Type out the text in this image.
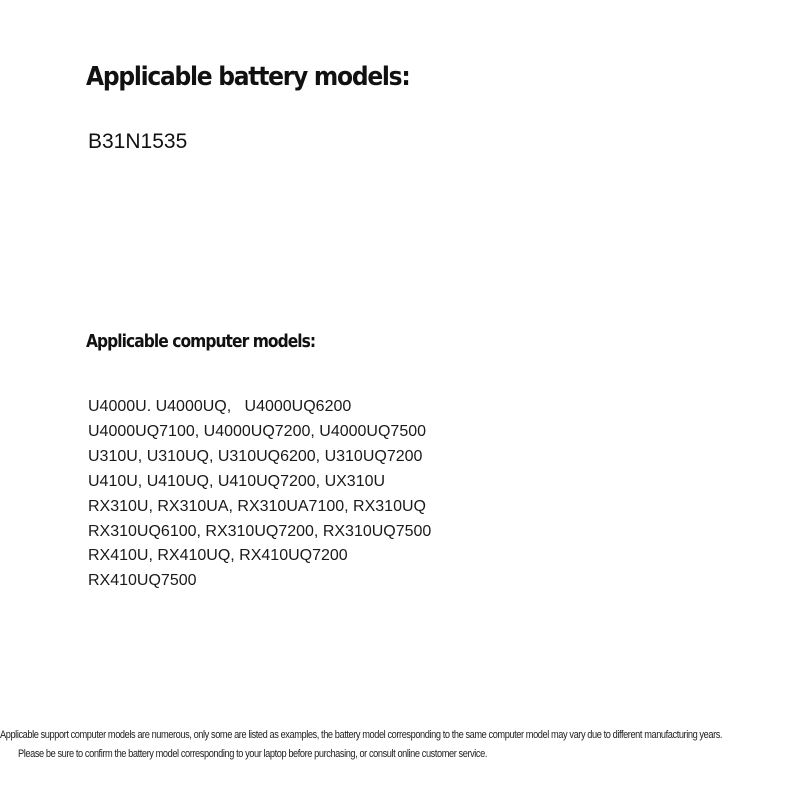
Applicable battery models:
B31N1535
Applicable computer models:
U4000U. U4000UQ,   U4000UQ6200
U4000UQ7100, U4000UQ7200, U4000UQ7500
U310U, U310UQ, U310UQ6200, U310UQ7200
U410U, U410UQ, U410UQ7200, UX310U
RX310U, RX310UA, RX310UA7100, RX310UQ
RX310UQ6100, RX310UQ7200, RX310UQ7500
RX410U, RX410UQ, RX410UQ7200
RX410UQ7500
Applicable support computer models are numerous, only some are listed as examples, the battery model corresponding to the same computer model may vary due to different manufacturing years.
Please be sure to confirm the battery model corresponding to your laptop before purchasing, or consult online customer service.
